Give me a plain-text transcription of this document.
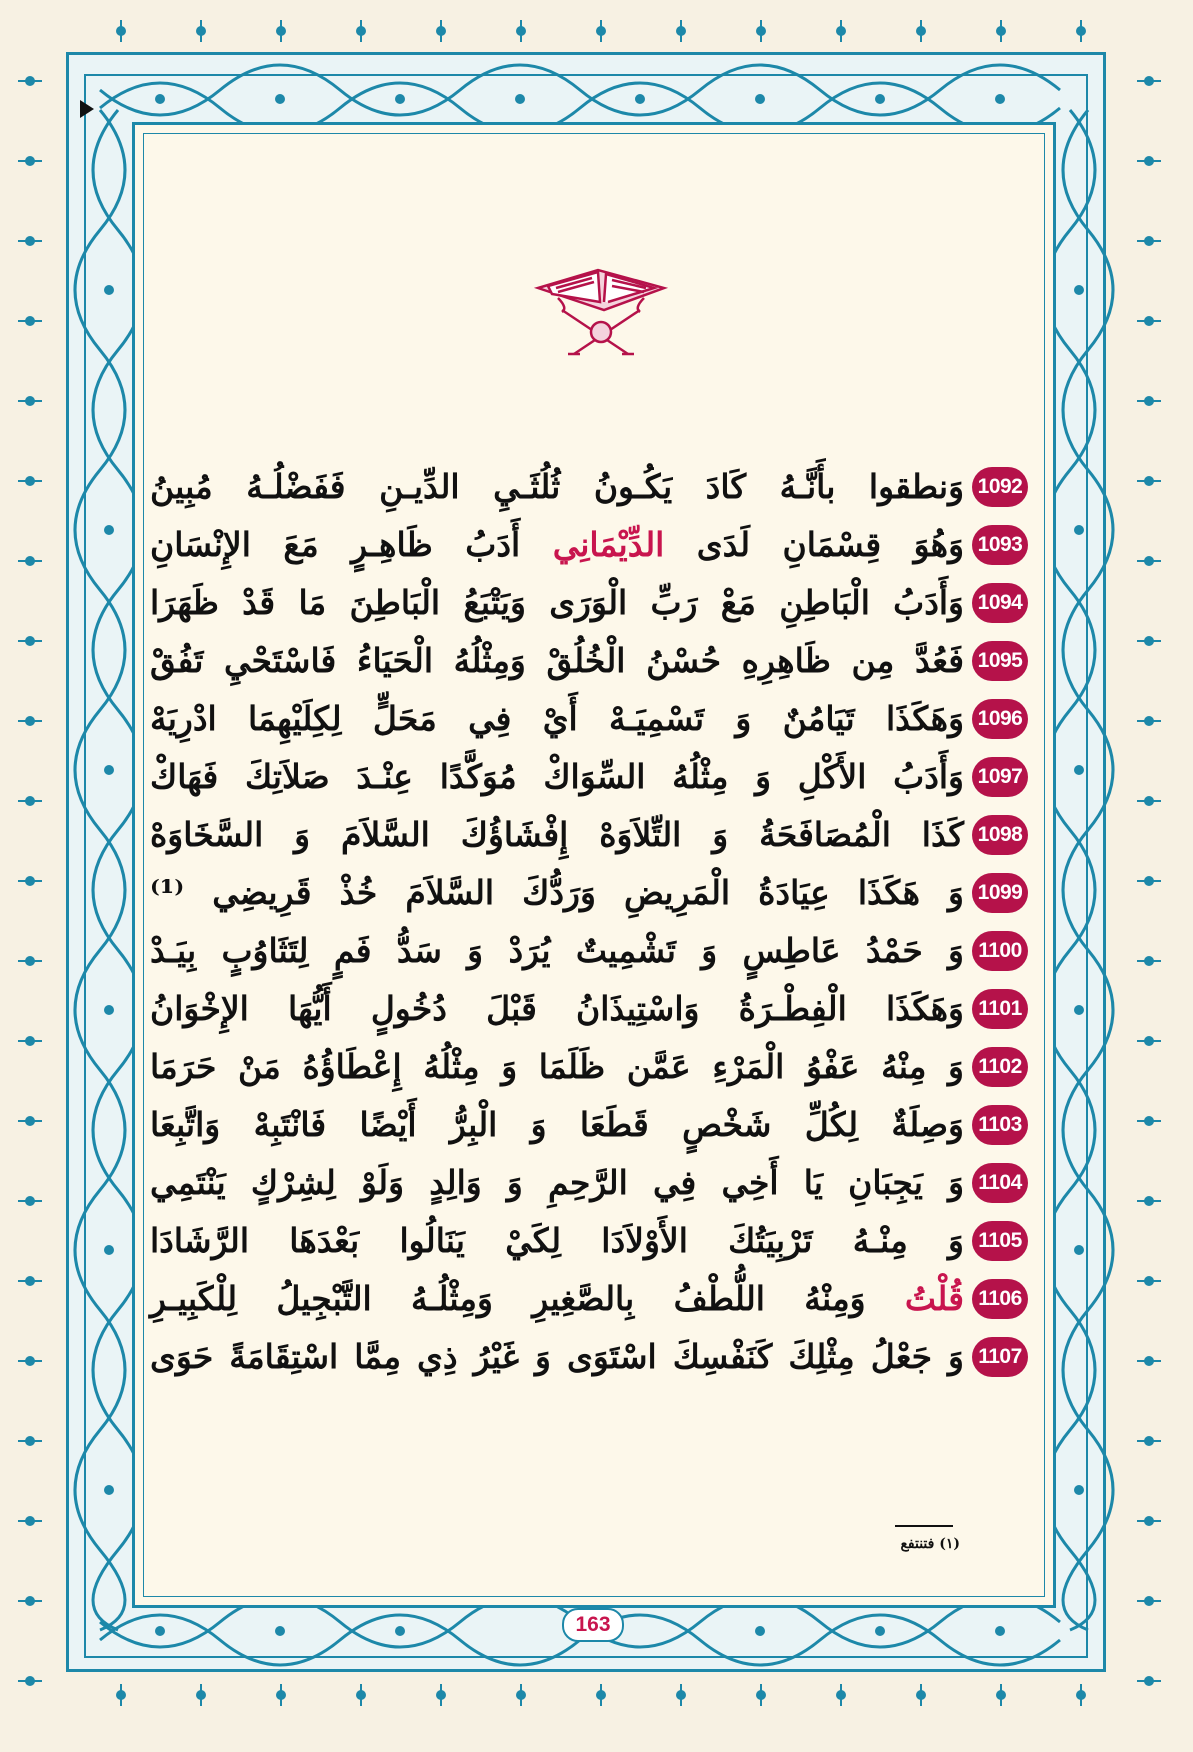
وَنطقوا بأَنَّـهُ كَادَ يَكُـونُ ثُلُثَـيِ الدِّيـنِ فَفَضْلُـهُ مُبِينُ 1092
وَهُوَ قِسْمَانِ لَدَى الدِّيْمَانِي أَدَبُ ظَاهِـرٍ مَعَ الإِنْسَانِ	1093
وَأَدَبُ الْبَاطِنِ مَعْ رَبِّ الْوَرَى وَيَتْبَعُ الْبَاطِنَ مَا قَدْ ظَهَرَا 1094
فَعُدَّ مِن ظَاهِرِهِ حُسْنُ الْخُلُقْ وَمِثْلُهُ الْحَيَاءُ فَاسْتَحْيِ تَفُقْ 1095
وَهَكَذَا تَيَامُنٌ وَ تَسْمِيَـهْ أَيْ فِي مَحَلٍّ لِكِلَيْهِمَا ادْرِيَهْ 1096
وَأَدَبُ الأَكْلِ وَ مِثْلُهُ السِّوَاكْ مُوَكَّدًا عِنْـدَ صَلاَتِكَ فَهَاكْ 1097
كَذَا الْمُصَافَحَةُ وَ التِّلاَوَهْ إِفْشَاؤُكَ السَّلاَمَ وَ السَّخَاوَهْ 1098
وَ هَكَذَا عِيَادَةُ الْمَرِيضِ وَرَدُّكَ السَّلاَمَ خُذْ قَرِيضِي ⁽¹⁾ 1099
وَ حَمْدُ عَاطِسٍ وَ تَشْمِيتٌ يُرَدْ وَ سَدُّ فَمٍ لِتَثَاوُبٍ بِيَـدْ 1100
وَهَكَذَا الْفِطْـرَةُ وَاسْتِيذَانُ قَبْلَ دُخُولٍ أَيُّهَا الإِخْوَانُ 1101
وَ مِنْهُ عَفْوُ الْمَرْءِ عَمَّن ظَلَمَا وَ مِثْلُهُ إِعْطَاؤُهُ مَنْ حَرَمَا 1102
وَصِلَةٌ لِكُلِّ شَخْصٍ قَطَعَا وَ الْبِرُّ أَيْضًا فَانْتَبِهْ وَاتَّبِعَا 1103
وَ يَجِبَانِ يَا أَخِي فِي الرَّحِمِ وَ وَالِدٍ وَلَوْ لِشِرْكٍ يَنْتَمِي 1104
وَ مِنْـهُ تَرْبِيَتُكَ الأَوْلاَدَا لِكَيْ يَنَالُوا بَعْدَهَا الرَّشَادَا 1105
قُلْتُ وَمِنْهُ اللُّطْفُ بِالصَّغِيرِ وَمِثْلُـهُ التَّبْجِيلُ لِلْكَبِيـرِ	1106
وَ جَعْلُ مِثْلِكَ كَنَفْسِكَ اسْتَوَى وَ غَيْرُ ذِي مِمَّا اسْتِقَامَةً حَوَى 1107
(١) فتنتفع
163
